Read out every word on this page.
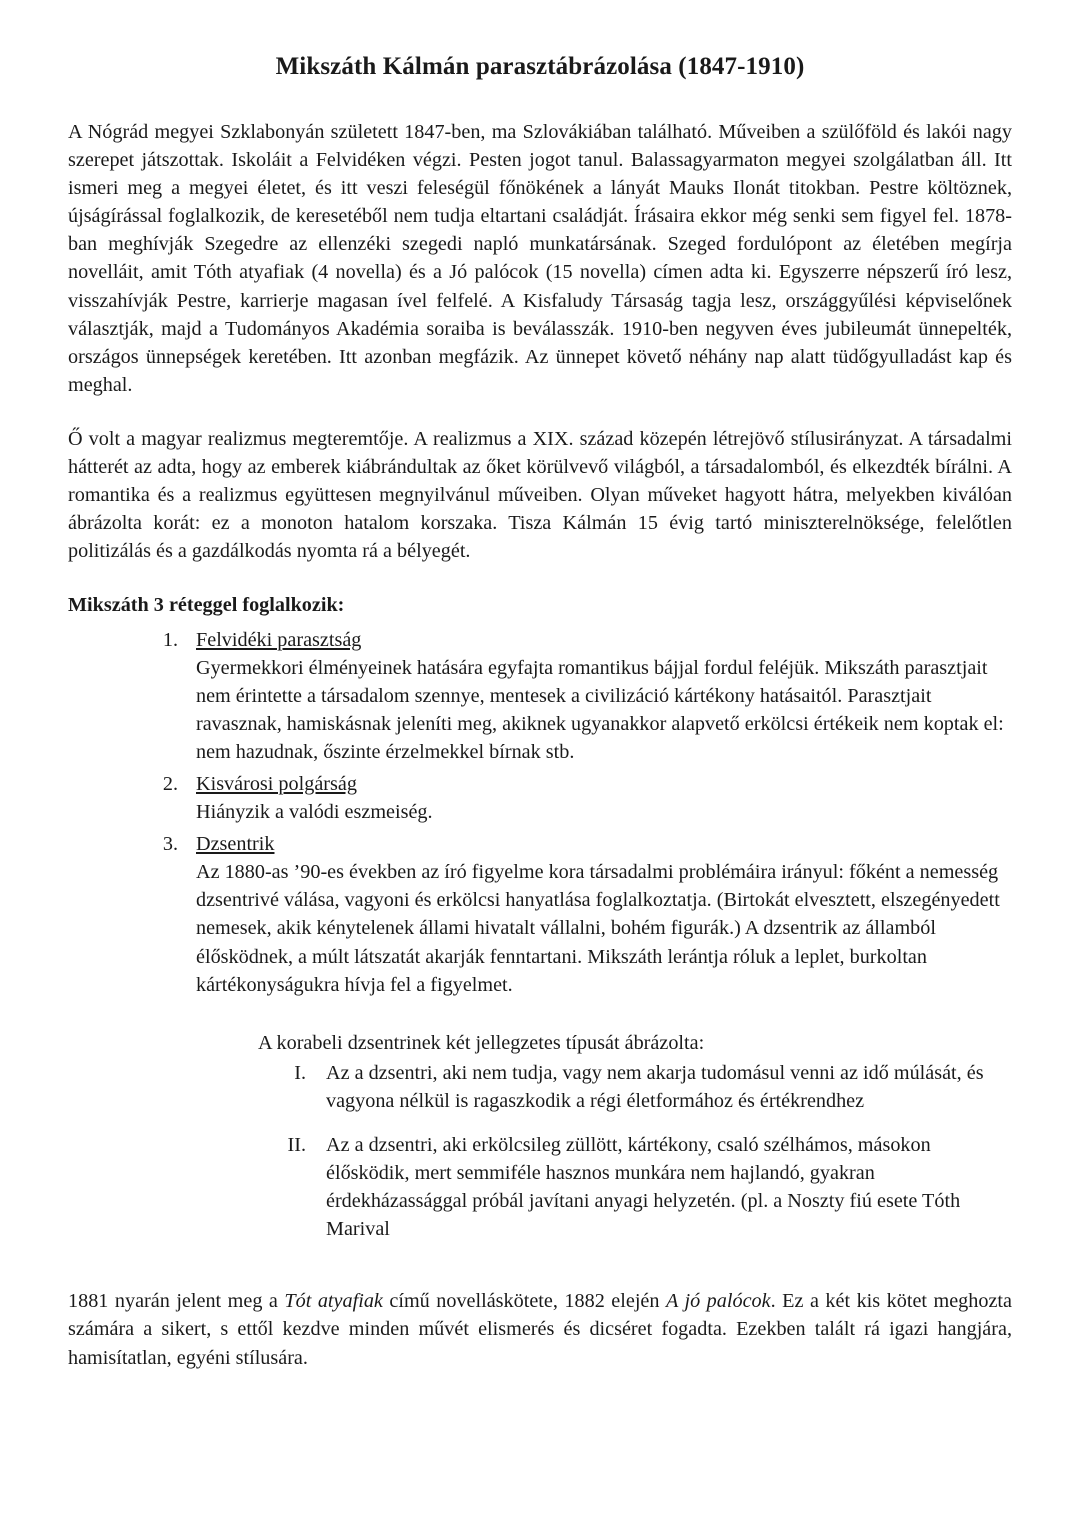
Mikszáth Kálmán parasztábrázolása (1847-1910)

A Nógrád megyei Szklabonyán született 1847-ben, ma Szlovákiában található. Műveiben a szülőföld és lakói nagy szerepet játszottak. Iskoláit a Felvidéken végzi. Pesten jogot tanul. Balassagyarmaton megyei szolgálatban áll. Itt ismeri meg a megyei életet, és itt veszi feleségül főnökének a lányát Mauks Ilonát titokban. Pestre költöznek, újságírással foglalkozik, de keresetéből nem tudja eltartani családját. Írásaira ekkor még senki sem figyel fel. 1878-ban meghívják Szegedre az ellenzéki szegedi napló munkatársának. Szeged fordulópont az életében megírja novelláit, amit Tóth atyafiak (4 novella) és a Jó palócok (15 novella) címen adta ki. Egyszerre népszerű író lesz, visszahívják Pestre, karrierje magasan ível felfelé. A Kisfaludy Társaság tagja lesz, országgyűlési képviselőnek választják, majd a Tudományos Akadémia soraiba is beválasszák. 1910-ben negyven éves jubileumát ünnepelték, országos ünnepségek keretében. Itt azonban megfázik. Az ünnepet követő néhány nap alatt tüdőgyulladást kap és meghal.

Ő volt a magyar realizmus megteremtője. A realizmus a XIX. század közepén létrejövő stílusirányzat. A társadalmi hátterét az adta, hogy az emberek kiábrándultak az őket körülvevő világból, a társadalomból, és elkezdték bírálni. A romantika és a realizmus együttesen megnyilvánul műveiben. Olyan műveket hagyott hátra, melyekben kiválóan ábrázolta korát: ez a monoton hatalom korszaka. Tisza Kálmán 15 évig tartó miniszterelnöksége, felelőtlen politizálás és a gazdálkodás nyomta rá a bélyegét.

Mikszáth 3 réteggel foglalkozik:

1. Felvidéki parasztság
Gyermekkori élményeinek hatására egyfajta romantikus bájjal fordul feléjük. Mikszáth parasztjait nem érintette a társadalom szennye, mentesek a civilizáció kártékony hatásaitól. Parasztjait ravasznak, hamiskásnak jeleníti meg, akiknek ugyanakkor alapvető erkölcsi értékeik nem koptak el: nem hazudnak, őszinte érzelmekkel bírnak stb.
2. Kisvárosi polgárság
Hiányzik a valódi eszmeiség.
3. Dzsentrik
Az 1880-as ’90-es években az író figyelme kora társadalmi problémáira irányul: főként a nemesség dzsentrivé válása, vagyoni és erkölcsi hanyatlása foglalkoztatja. (Birtokát elvesztett, elszegényedett nemesek, akik kénytelenek állami hivatalt vállalni, bohém figurák.) A dzsentrik az államból élősködnek, a múlt látszatát akarják fenntartani. Mikszáth lerántja róluk a leplet, burkoltan kártékonyságukra hívja fel a figyelmet.

A korabeli dzsentrinek két jellegzetes típusát ábrázolta:

I. Az a dzsentri, aki nem tudja, vagy nem akarja tudomásul venni az idő múlását, és vagyona nélkül is ragaszkodik a régi életformához és értékrendhez
II. Az a dzsentri, aki erkölcsileg züllött, kártékony, csaló szélhámos, másokon élősködik, mert semmiféle hasznos munkára nem hajlandó, gyakran érdekházassággal próbál javítani anyagi helyzetén. (pl. a Noszty fiú esete Tóth Marival

1881 nyarán jelent meg a Tót atyafiak című novelláskötete, 1882 elején A jó palócok. Ez a két kis kötet meghozta számára a sikert, s ettől kezdve minden művét elismerés és dicséret fogadta. Ezekben talált rá igazi hangjára, hamisítatlan, egyéni stílusára.
